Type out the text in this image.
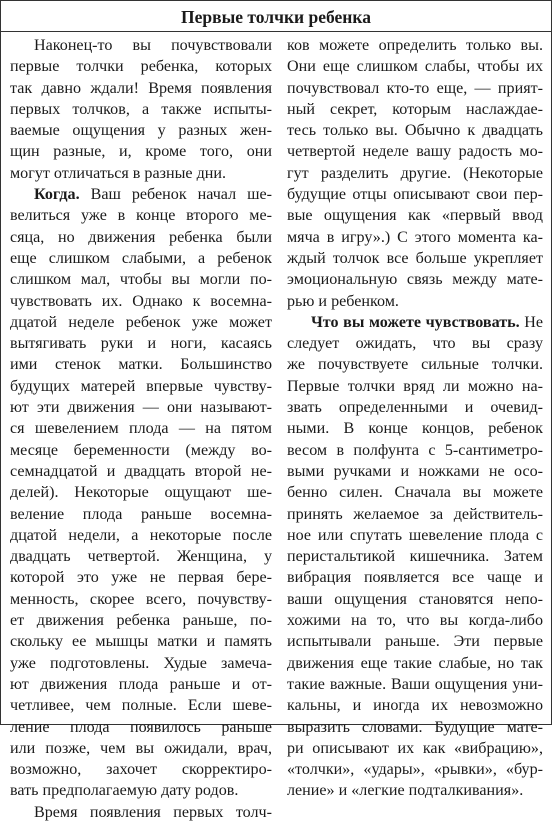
Первые толчки ребенка
Наконец-то вы почувствовали
первые толчки ребенка, которых
так давно ждали! Время появления
первых толчков, а также испыты-
ваемые ощущения у разных жен-
щин разные, и, кроме того, они
могут отличаться в разные дни.
Когда. Ваш ребенок начал ше-
велиться уже в конце второго ме-
сяца, но движения ребенка были
еще слишком слабыми, а ребенок
слишком мал, чтобы вы могли по-
чувствовать их. Однако к восемна-
дцатой неделе ребенок уже может
вытягивать руки и ноги, касаясь
ими стенок матки. Большинство
будущих матерей впервые чувству-
ют эти движения — они называют-
ся шевелением плода — на пятом
месяце беременности (между во-
семнадцатой и двадцать второй не-
делей). Некоторые ощущают ше-
веление плода раньше восемна-
дцатой недели, а некоторые после
двадцать четвертой. Женщина, у
которой это уже не первая бере-
менность, скорее всего, почувству-
ет движения ребенка раньше, по-
скольку ее мышцы матки и память
уже подготовлены. Худые замеча-
ют движения плода раньше и от-
четливее, чем полные. Если шеве-
ление плода появилось раньше
или позже, чем вы ожидали, врач,
возможно, захочет скорректиро-
вать предполагаемую дату родов.
Время появления первых толч-
ков можете определить только вы.
Они еще слишком слабы, чтобы их
почувствовал кто-то еще, — прият-
ный секрет, которым наслаждае-
тесь только вы. Обычно к двадцать
четвертой неделе вашу радость мо-
гут разделить другие. (Некоторые
будущие отцы описывают свои пер-
вые ощущения как «первый ввод
мяча в игру».) С этого момента ка-
ждый толчок все больше укрепляет
эмоциональную связь между мате-
рью и ребенком.
Что вы можете чувствовать. Не
следует ожидать, что вы сразу
же почувствуете сильные толчки.
Первые толчки вряд ли можно на-
звать определенными и очевид-
ными. В конце концов, ребенок
весом в полфунта с 5-сантиметро-
выми ручками и ножками не осо-
бенно силен. Сначала вы можете
принять желаемое за действитель-
ное или спутать шевеление плода с
перистальтикой кишечника. Затем
вибрация появляется все чаще и
ваши ощущения становятся непо-
хожими на то, что вы когда-либо
испытывали раньше. Эти первые
движения еще такие слабые, но так
такие важные. Ваши ощущения уни-
кальны, и иногда их невозможно
выразить словами. Будущие мате-
ри описывают их как «вибрацию»,
«толчки», «удары», «рывки», «бур-
ление» и «легкие подталкивания».
